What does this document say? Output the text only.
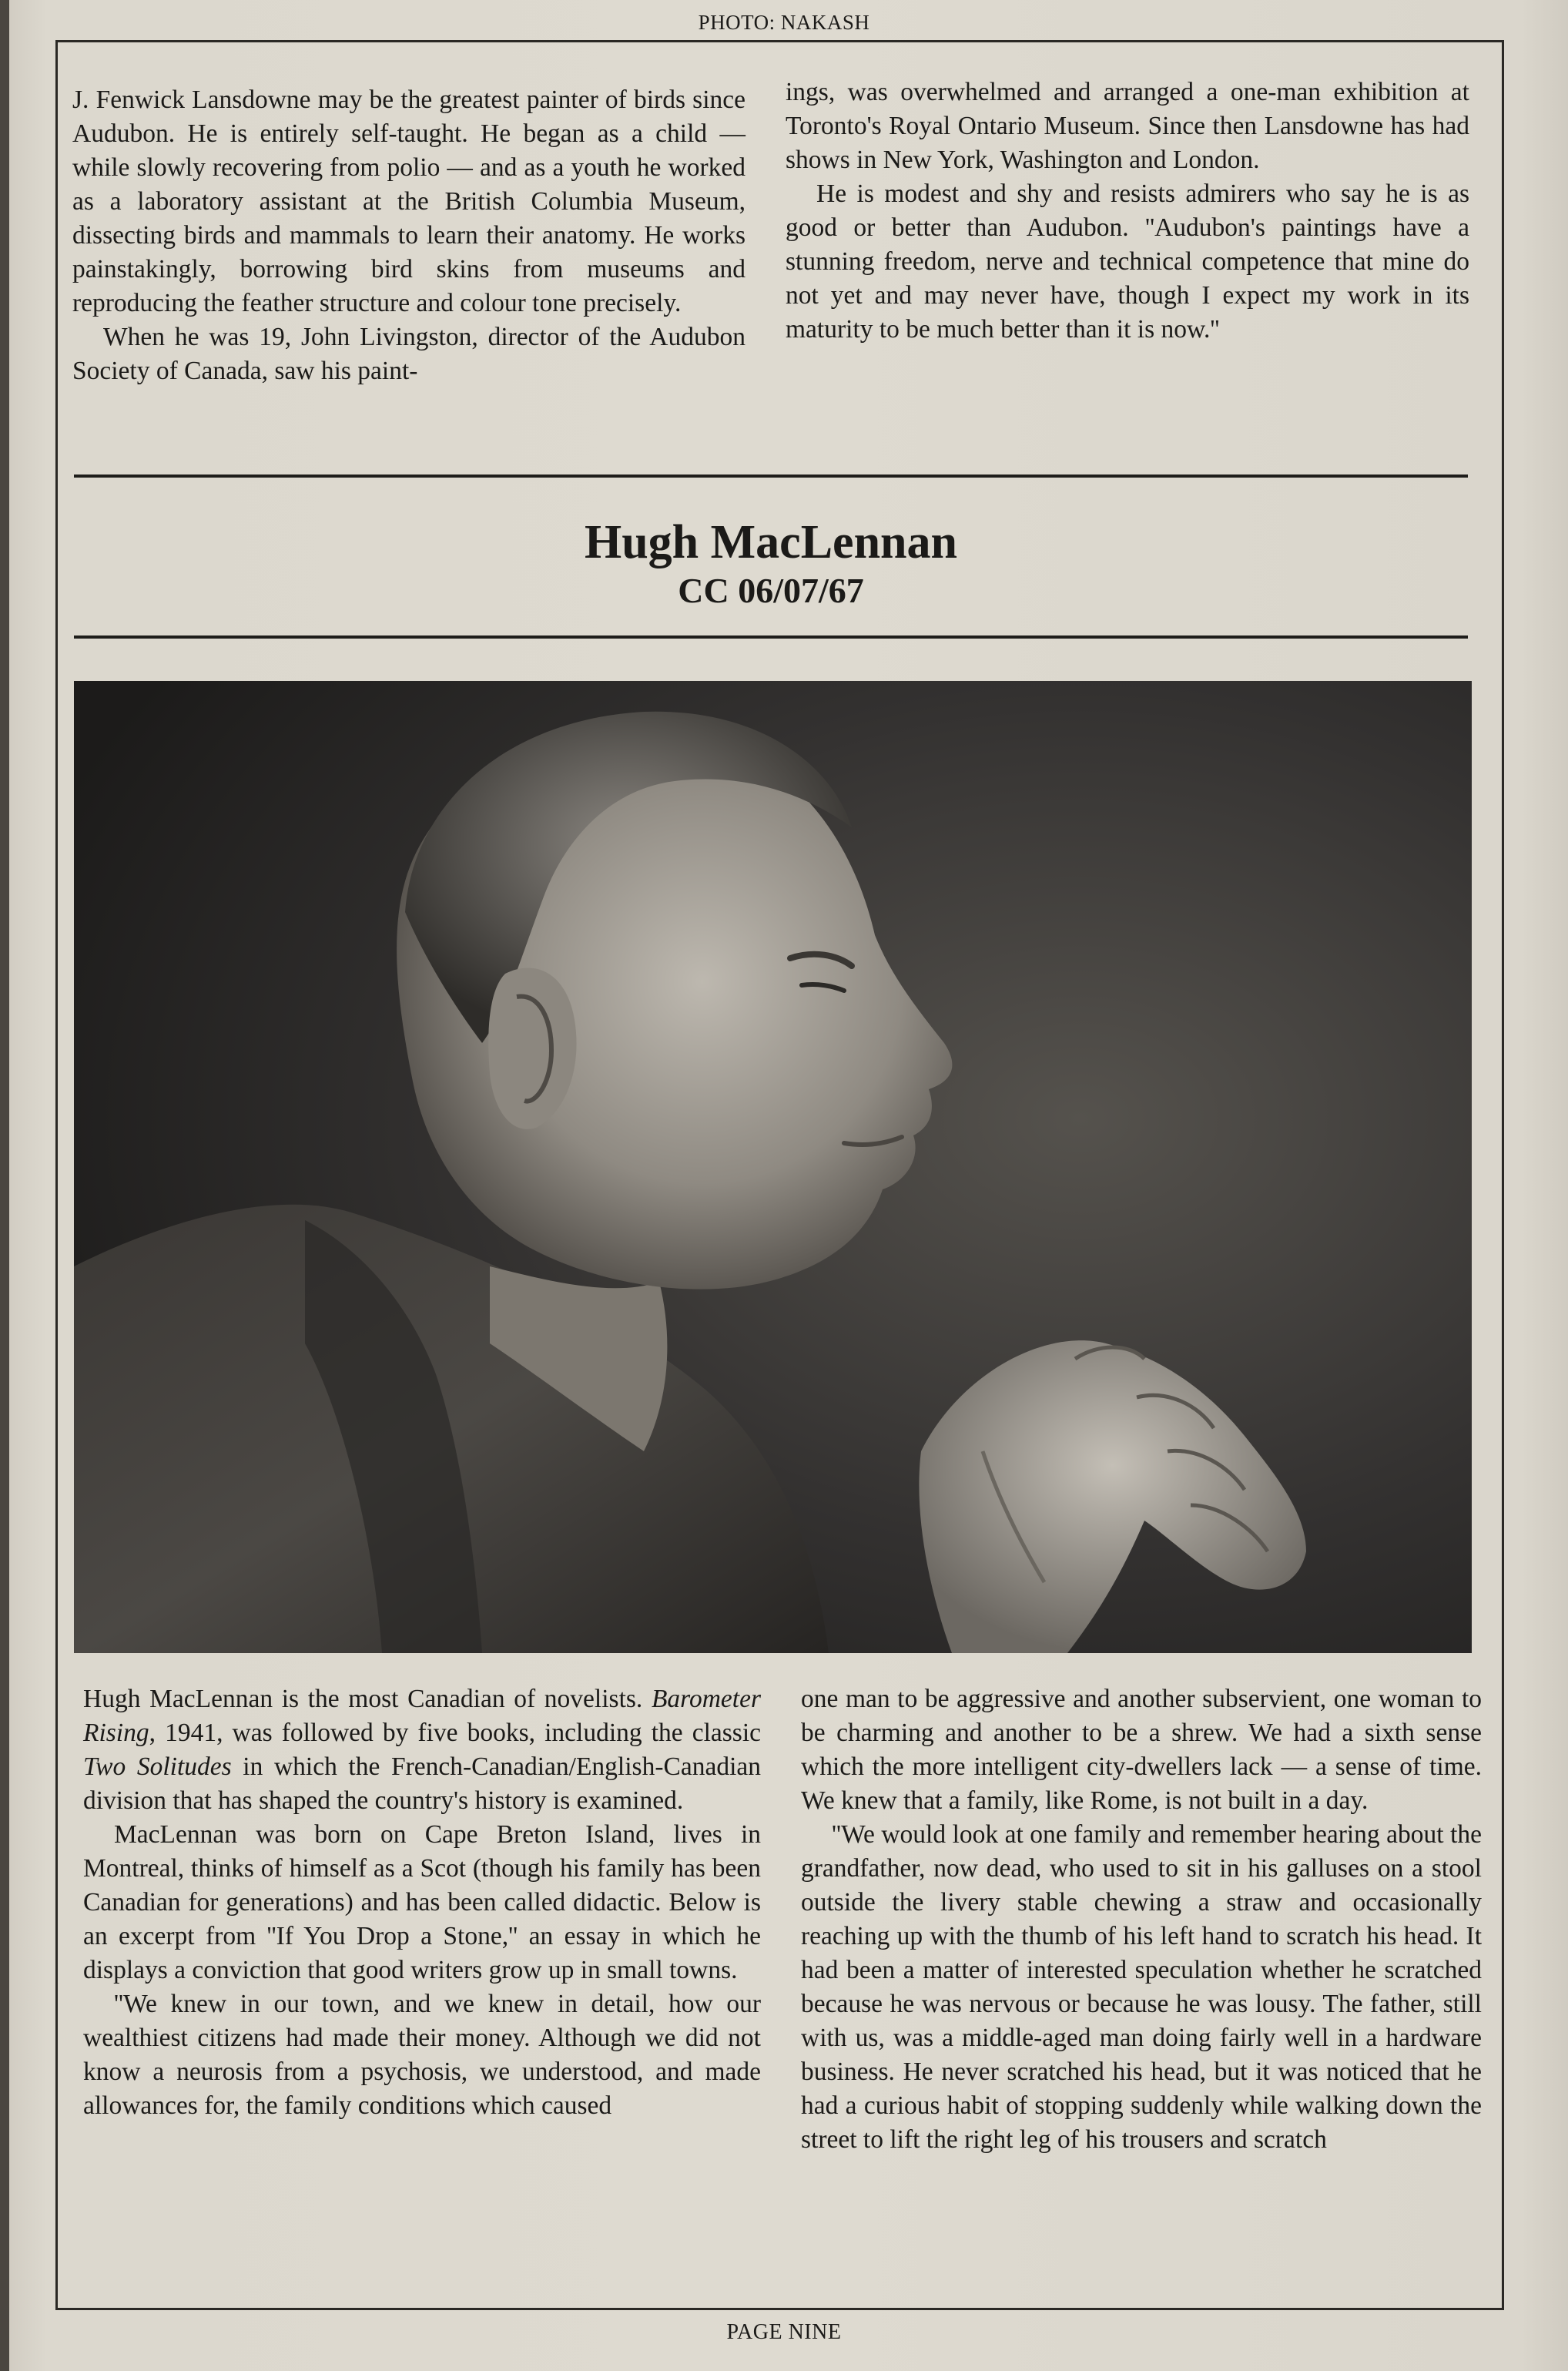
PHOTO: NAKASH

J. Fenwick Lansdowne may be the greatest painter of birds since Audubon. He is entirely self-taught. He began as a child — while slowly recovering from polio — and as a youth he worked as a laboratory assistant at the British Columbia Museum, dissecting birds and mammals to learn their anatomy. He works painstakingly, borrowing bird skins from museums and reproducing the feather structure and colour tone precisely.

When he was 19, John Livingston, director of the Audubon Society of Canada, saw his paint-

ings, was overwhelmed and arranged a one-man exhibition at Toronto's Royal Ontario Museum. Since then Lansdowne has had shows in New York, Washington and London.

He is modest and shy and resists admirers who say he is as good or better than Audubon. ''Audubon's paintings have a stunning freedom, nerve and technical competence that mine do not yet and may never have, though I expect my work in its maturity to be much better than it is now.''

Hugh MacLennan
CC 06/07/67

Hugh MacLennan is the most Canadian of novelists. Barometer Rising, 1941, was followed by five books, including the classic Two Solitudes in which the French-Canadian/English-Canadian division that has shaped the country's history is examined.

MacLennan was born on Cape Breton Island, lives in Montreal, thinks of himself as a Scot (though his family has been Canadian for generations) and has been called didactic. Below is an excerpt from ''If You Drop a Stone,'' an essay in which he displays a conviction that good writers grow up in small towns.

''We knew in our town, and we knew in detail, how our wealthiest citizens had made their money. Although we did not know a neurosis from a psychosis, we understood, and made allowances for, the family conditions which caused

one man to be aggressive and another subservient, one woman to be charming and another to be a shrew. We had a sixth sense which the more intelligent city-dwellers lack — a sense of time. We knew that a family, like Rome, is not built in a day.

''We would look at one family and remember hearing about the grandfather, now dead, who used to sit in his galluses on a stool outside the livery stable chewing a straw and occasionally reaching up with the thumb of his left hand to scratch his head. It had been a matter of interested speculation whether he scratched because he was nervous or because he was lousy. The father, still with us, was a middle-aged man doing fairly well in a hardware business. He never scratched his head, but it was noticed that he had a curious habit of stopping suddenly while walking down the street to lift the right leg of his trousers and scratch

PAGE NINE
